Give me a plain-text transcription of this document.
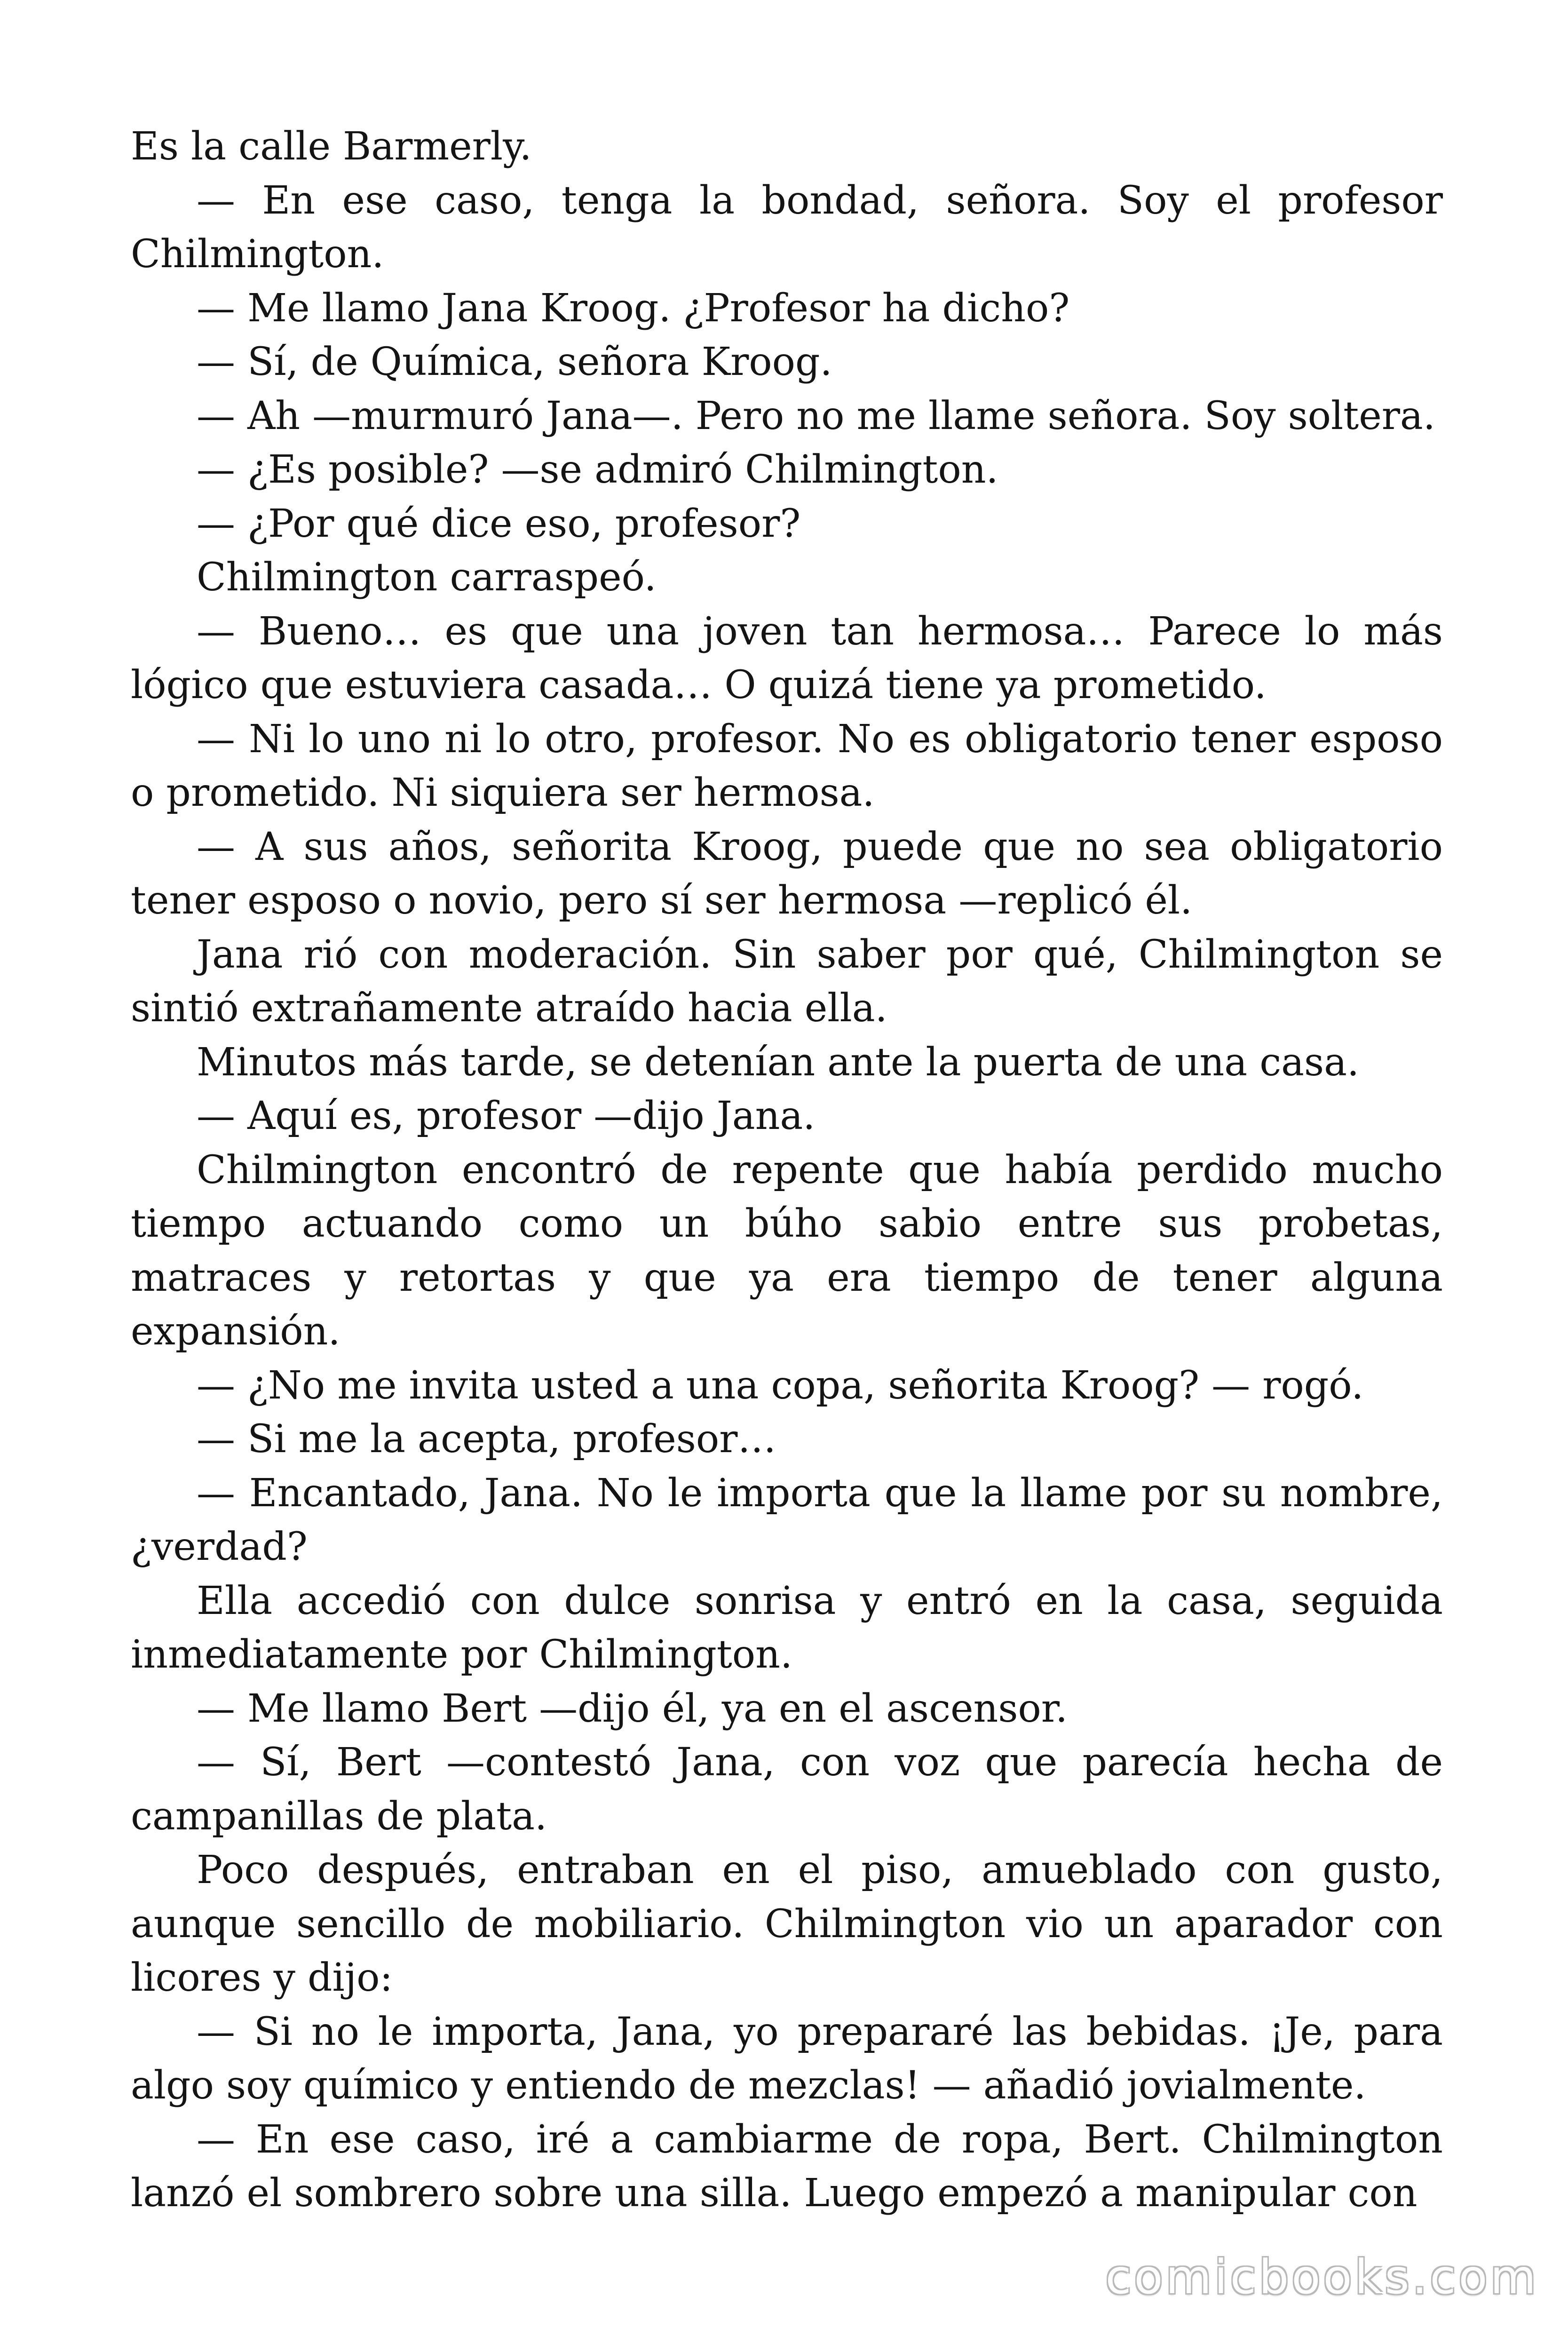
Es la calle Barmerly.

— En ese caso, tenga la bondad, señora. Soy el profesor Chilmington.

— Me llamo Jana Kroog. ¿Profesor ha dicho?

— Sí, de Química, señora Kroog.

— Ah —murmuró Jana—. Pero no me llame señora. Soy soltera.

— ¿Es posible? —se admiró Chilmington.

— ¿Por qué dice eso, profesor?

Chilmington carraspeó.

— Bueno… es que una joven tan hermosa… Parece lo más lógico que estuviera casada… O quizá tiene ya prometido.

— Ni lo uno ni lo otro, profesor. No es obligatorio tener esposo o prometido. Ni siquiera ser hermosa.

— A sus años, señorita Kroog, puede que no sea obligatorio tener esposo o novio, pero sí ser hermosa —replicó él.

Jana rió con moderación. Sin saber por qué, Chilmington se sintió extrañamente atraído hacia ella.

Minutos más tarde, se detenían ante la puerta de una casa.

— Aquí es, profesor —dijo Jana.

Chilmington encontró de repente que había perdido mucho tiempo actuando como un búho sabio entre sus probetas, matraces y retortas y que ya era tiempo de tener alguna expansión.

— ¿No me invita usted a una copa, señorita Kroog? — rogó.

— Si me la acepta, profesor…

— Encantado, Jana. No le importa que la llame por su nombre, ¿verdad?

Ella accedió con dulce sonrisa y entró en la casa, seguida inmediatamente por Chilmington.

— Me llamo Bert —dijo él, ya en el ascensor.

— Sí, Bert —contestó Jana, con voz que parecía hecha de campanillas de plata.

Poco después, entraban en el piso, amueblado con gusto, aunque sencillo de mobiliario. Chilmington vio un aparador con licores y dijo:

— Si no le importa, Jana, yo prepararé las bebidas. ¡Je, para algo soy químico y entiendo de mezclas! — añadió jovialmente.

— En ese caso, iré a cambiarme de ropa, Bert. Chilmington lanzó el sombrero sobre una silla. Luego empezó a manipular con

comicbooks.com
